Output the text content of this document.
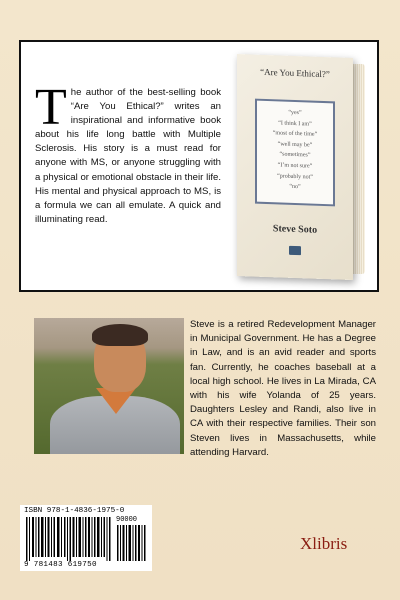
The author of the best-selling book “Are You Ethical?” writes an inspirational and informative book about his life long battle with Multiple Sclerosis. His story is a must read for anyone with MS, or anyone struggling with a physical or emotional obstacle in their life. His mental and physical approach to MS, is a formula we can all emulate. A quick and illuminating read.

“Are You Ethical?”
“yes”
“I think I am”
“most of the time”
“well may be”
“sometimes”
“I’m not sure”
“probably not”
“no”
Steve Soto

Steve is a retired Redevelopment Manager in Municipal Government. He has a Degree in Law, and is an avid reader and sports fan. Currently, he coaches baseball at a local high school. He lives in La Mirada, CA with his wife Yolanda of 25 years. Daughters Lesley and Randi, also live in CA with their respective families. Their son Steven lives in Massachusetts, while attending Harvard.

ISBN 978-1-4836-1975-0
90000
9 781483 619750
Xlibris
